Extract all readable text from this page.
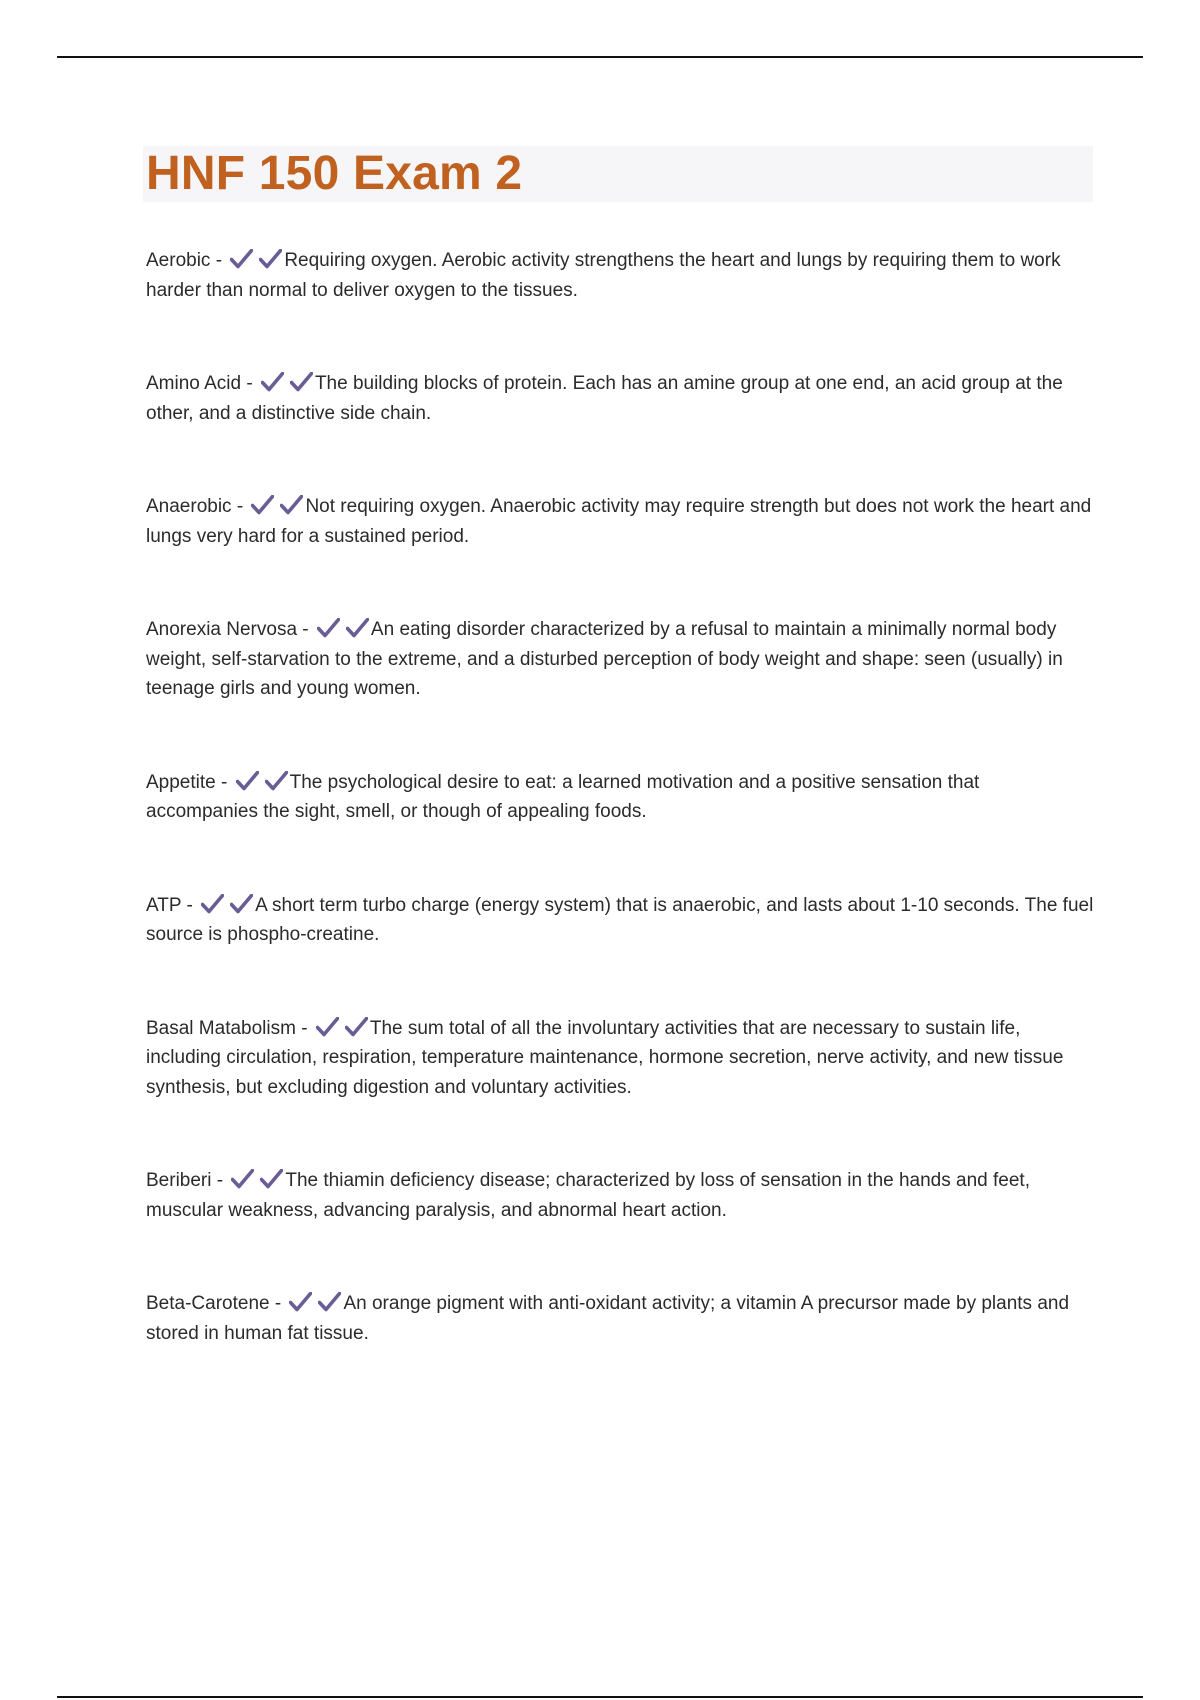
HNF 150 Exam 2

Aerobic -	Requiring oxygen. Aerobic activity strengthens the heart and lungs by requiring them to work harder than normal to deliver oxygen to the tissues.

Amino Acid -	The building blocks of protein. Each has an amine group at one end, an acid group at the other, and a distinctive side chain.

Anaerobic -	Not requiring oxygen. Anaerobic activity may require strength but does not work the heart and lungs very hard for a sustained period.

Anorexia Nervosa -	An eating disorder characterized by a refusal to maintain a minimally normal body weight, self-starvation to the extreme, and a disturbed perception of body weight and shape: seen (usually) in teenage girls and young women.

Appetite -	The psychological desire to eat: a learned motivation and a positive sensation that accompanies the sight, smell, or though of appealing foods.

ATP -	A short term turbo charge (energy system) that is anaerobic, and lasts about 1-10 seconds. The fuel source is phospho-creatine.

Basal Matabolism -	The sum total of all the involuntary activities that are necessary to sustain life, including circulation, respiration, temperature maintenance, hormone secretion, nerve activity, and new tissue synthesis, but excluding digestion and voluntary activities.

Beriberi -	The thiamin deficiency disease; characterized by loss of sensation in the hands and feet, muscular weakness, advancing paralysis, and abnormal heart action.

Beta-Carotene -	An orange pigment with anti-oxidant activity; a vitamin A precursor made by plants and stored in human fat tissue.
